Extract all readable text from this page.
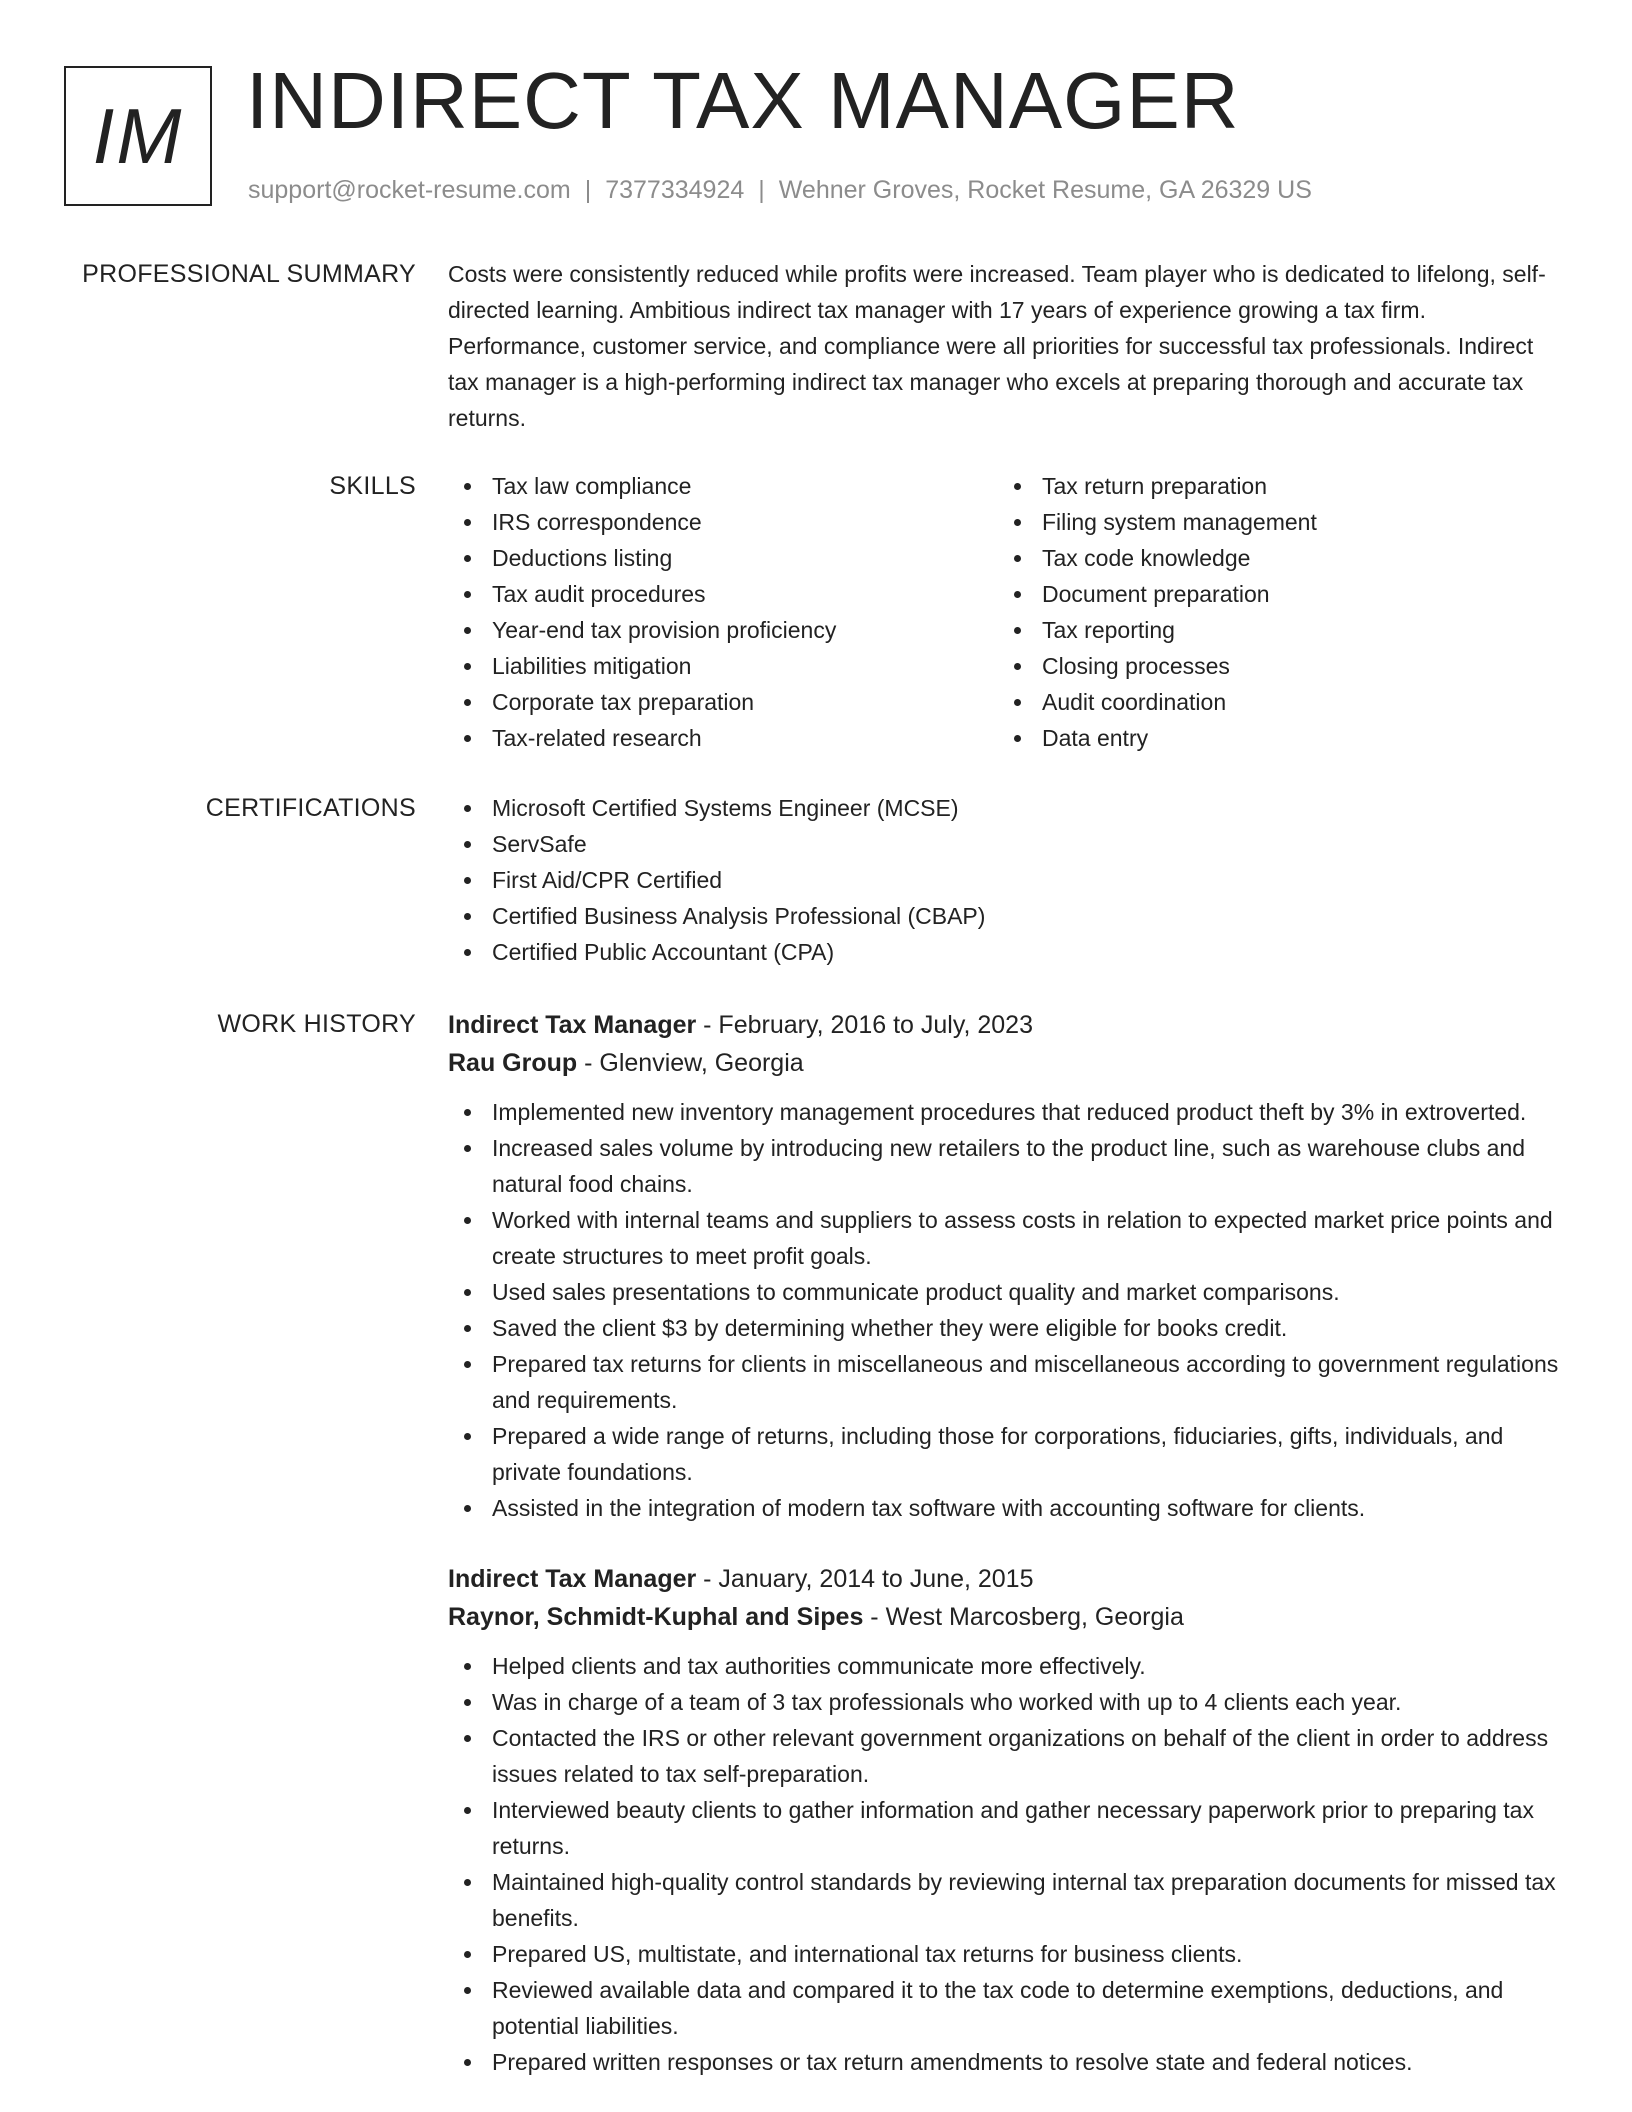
IM INDIRECT TAX MANAGER
support@rocket-resume.com | 7377334924 | Wehner Groves, Rocket Resume, GA 26329 US
PROFESSIONAL SUMMARY Costs were consistently reduced while profits were increased. Team player who is dedicated to lifelong, self-directed learning. Ambitious indirect tax manager with 17 years of experience growing a tax firm. Performance, customer service, and compliance were all priorities for successful tax professionals. Indirect tax manager is a high-performing indirect tax manager who excels at preparing thorough and accurate tax returns.

SKILLS	Tax law compliance
IRS correspondence
Deductions listing
Tax audit procedures
Year-end tax provision proficiency
Liabilities mitigation
Corporate tax preparation
Tax-related research
Tax return preparation
Filing system management
Tax code knowledge
Document preparation
Tax reporting
Closing processes
Audit coordination
Data entry
CERTIFICATIONS	Microsoft Certified Systems Engineer (MCSE)
ServSafe
First Aid/CPR Certified
Certified Business Analysis Professional (CBAP)
Certified Public Accountant (CPA)
WORK HISTORY Indirect Tax Manager - February, 2016 to July, 2023
Rau Group - Glenview, Georgia
Implemented new inventory management procedures that reduced product theft by 3% in extroverted.
Increased sales volume by introducing new retailers to the product line, such as warehouse clubs and natural food chains.
Worked with internal teams and suppliers to assess costs in relation to expected market price points and create structures to meet profit goals.
Used sales presentations to communicate product quality and market comparisons.
Saved the client $3 by determining whether they were eligible for books credit.
Prepared tax returns for clients in miscellaneous and miscellaneous according to government regulations and requirements.
Prepared a wide range of returns, including those for corporations, fiduciaries, gifts, individuals, and private foundations.
Assisted in the integration of modern tax software with accounting software for clients.
Indirect Tax Manager - January, 2014 to June, 2015
Raynor, Schmidt-Kuphal and Sipes - West Marcosberg, Georgia
Helped clients and tax authorities communicate more effectively.
Was in charge of a team of 3 tax professionals who worked with up to 4 clients each year.
Contacted the IRS or other relevant government organizations on behalf of the client in order to address issues related to tax self-preparation.
Interviewed beauty clients to gather information and gather necessary paperwork prior to preparing tax returns.
Maintained high-quality control standards by reviewing internal tax preparation documents for missed tax benefits.
Prepared US, multistate, and international tax returns for business clients.
Reviewed available data and compared it to the tax code to determine exemptions, deductions, and potential liabilities.
Prepared written responses or tax return amendments to resolve state and federal notices.
